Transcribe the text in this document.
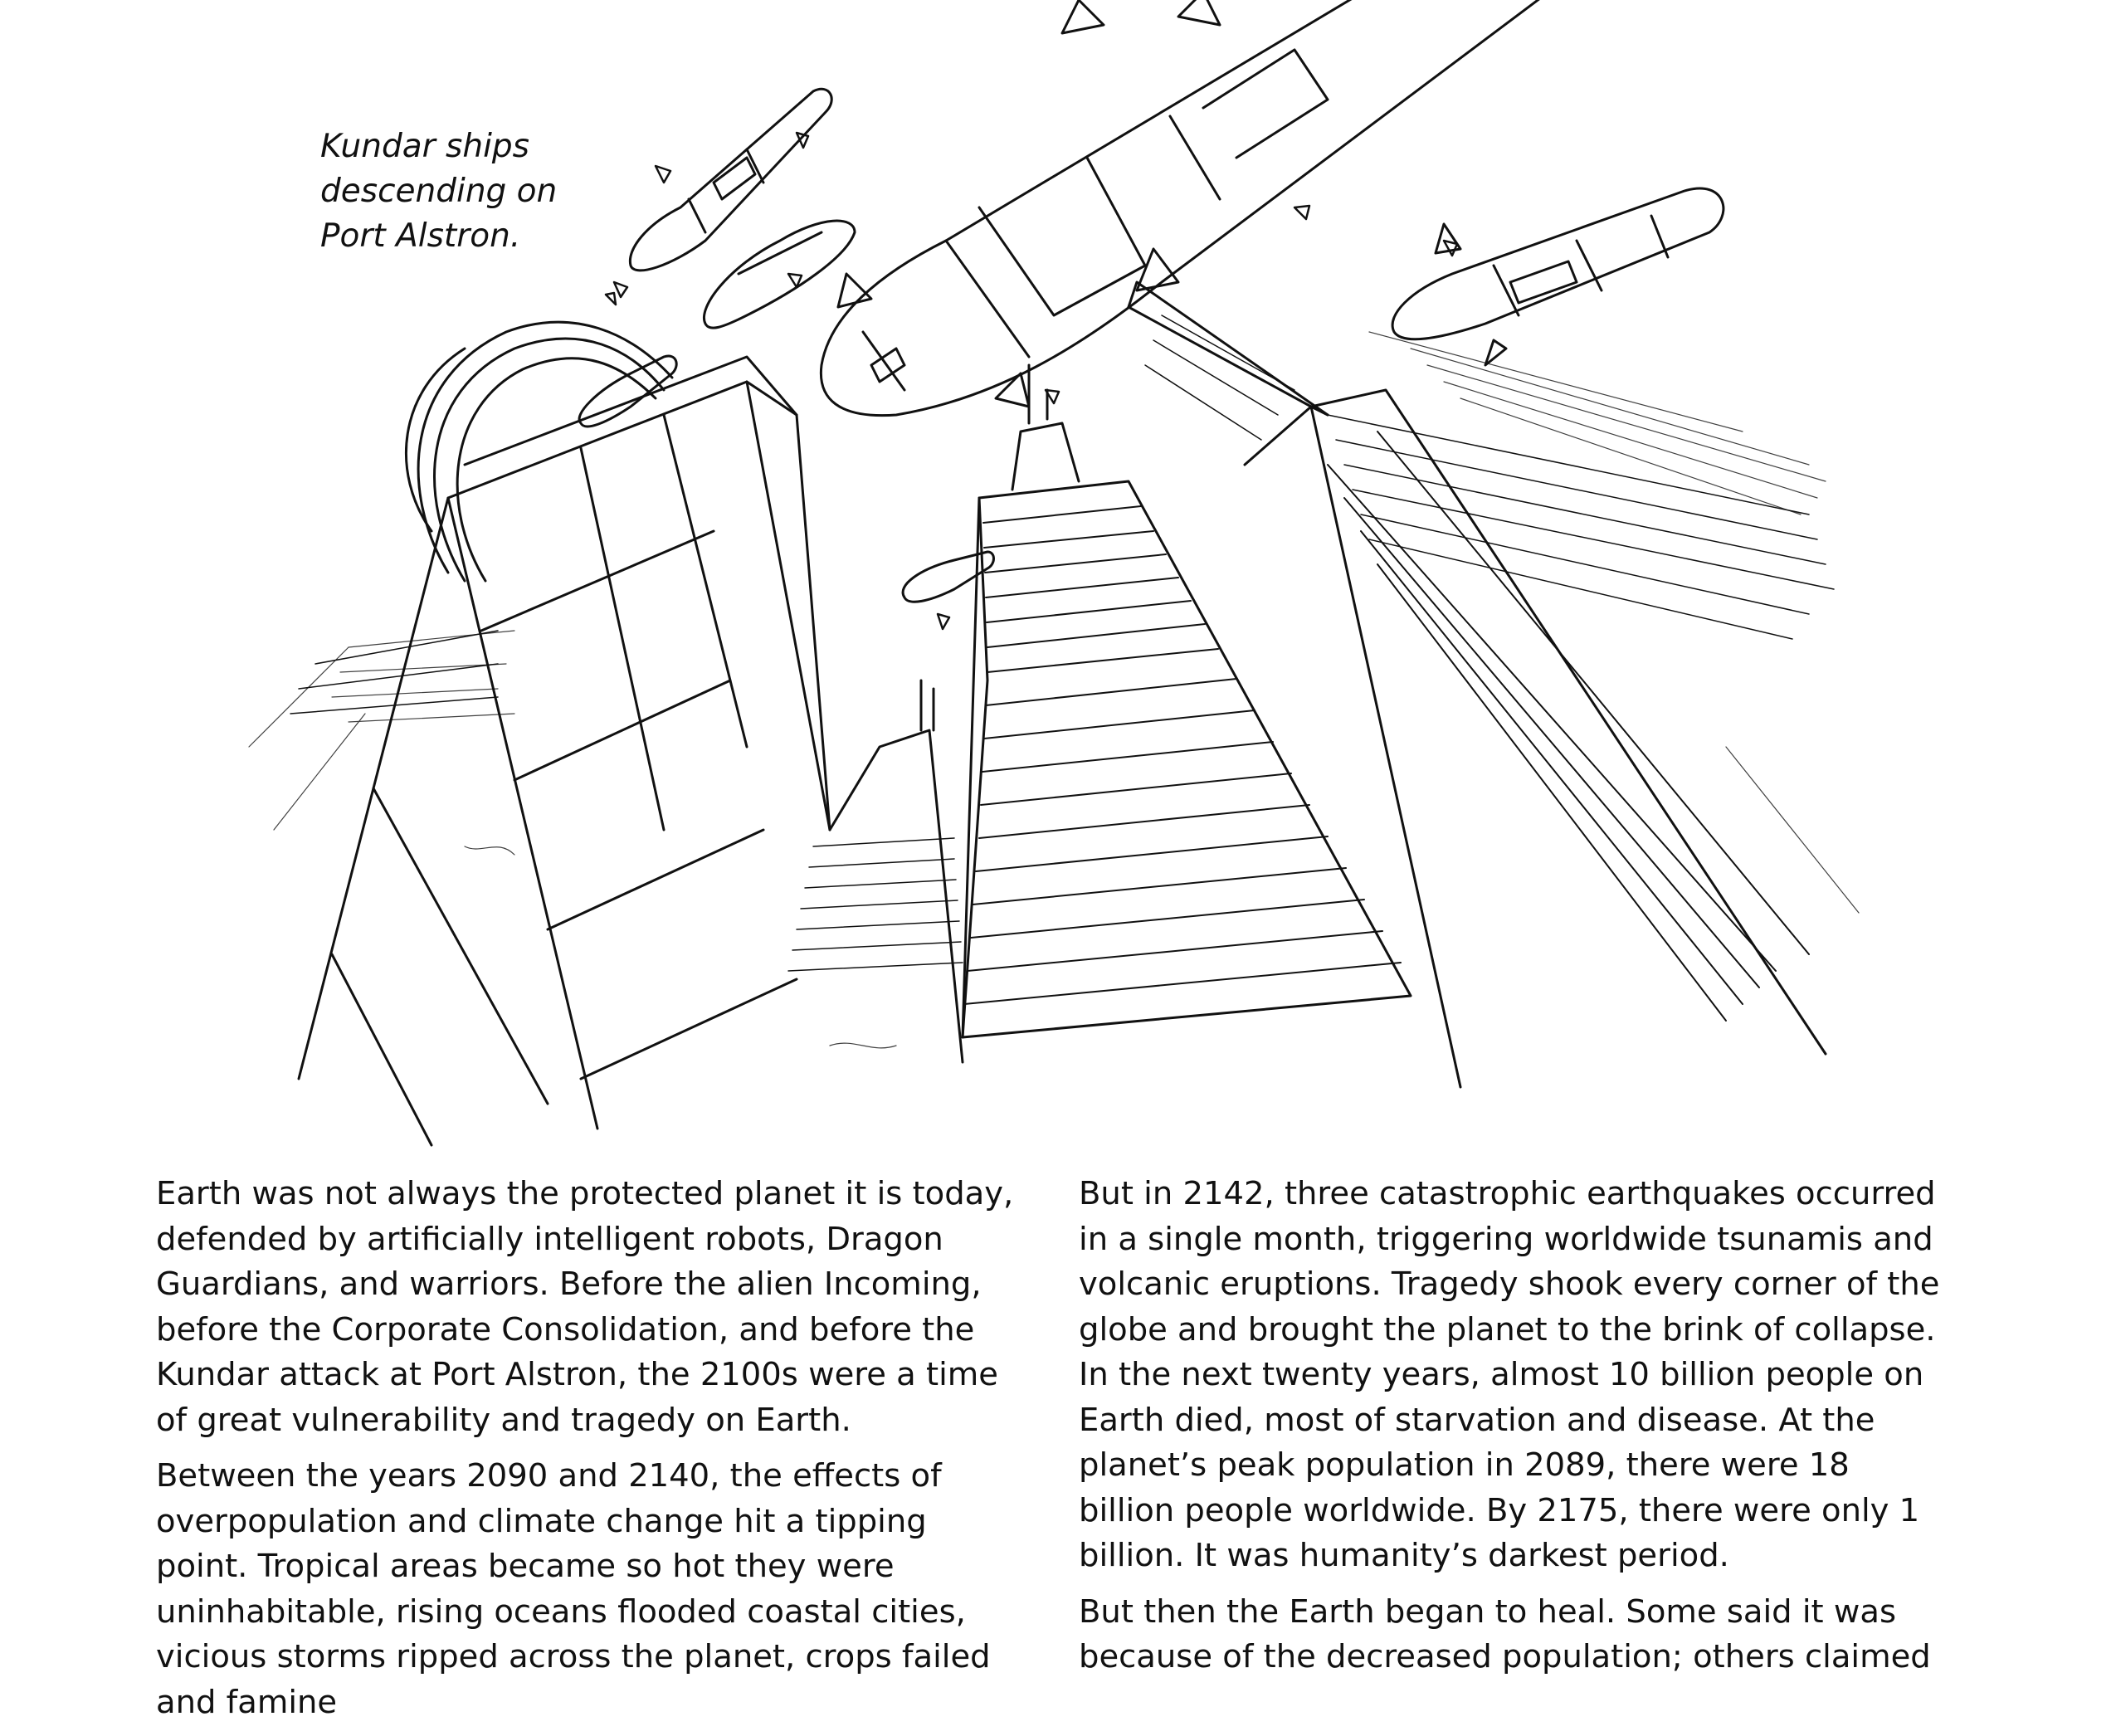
Kundar ships
descending on
Port Alstron.

Earth was not always the protected planet it is today, defended by artificially intelligent robots, Dragon Guardians, and warriors. Before the alien Incoming, before the Corporate Consolidation, and before the Kundar attack at Port Alstron, the 2100s were a time of great vulnerability and tragedy on Earth.

Between the years 2090 and 2140, the effects of overpopulation and climate change hit a tipping point. Tropical areas became so hot they were uninhabitable, rising oceans flooded coastal cities, vicious storms ripped across the planet, crops failed and famine

But in 2142, three catastrophic earthquakes occurred in a single month, triggering worldwide tsunamis and volcanic eruptions. Tragedy shook every corner of the globe and brought the planet to the brink of collapse. In the next twenty years, almost 10 billion people on Earth died, most of starvation and disease. At the planet’s peak population in 2089, there were 18 billion people worldwide. By 2175, there were only 1 billion. It was humanity’s darkest period.

But then the Earth began to heal. Some said it was because of the decreased population; others claimed
